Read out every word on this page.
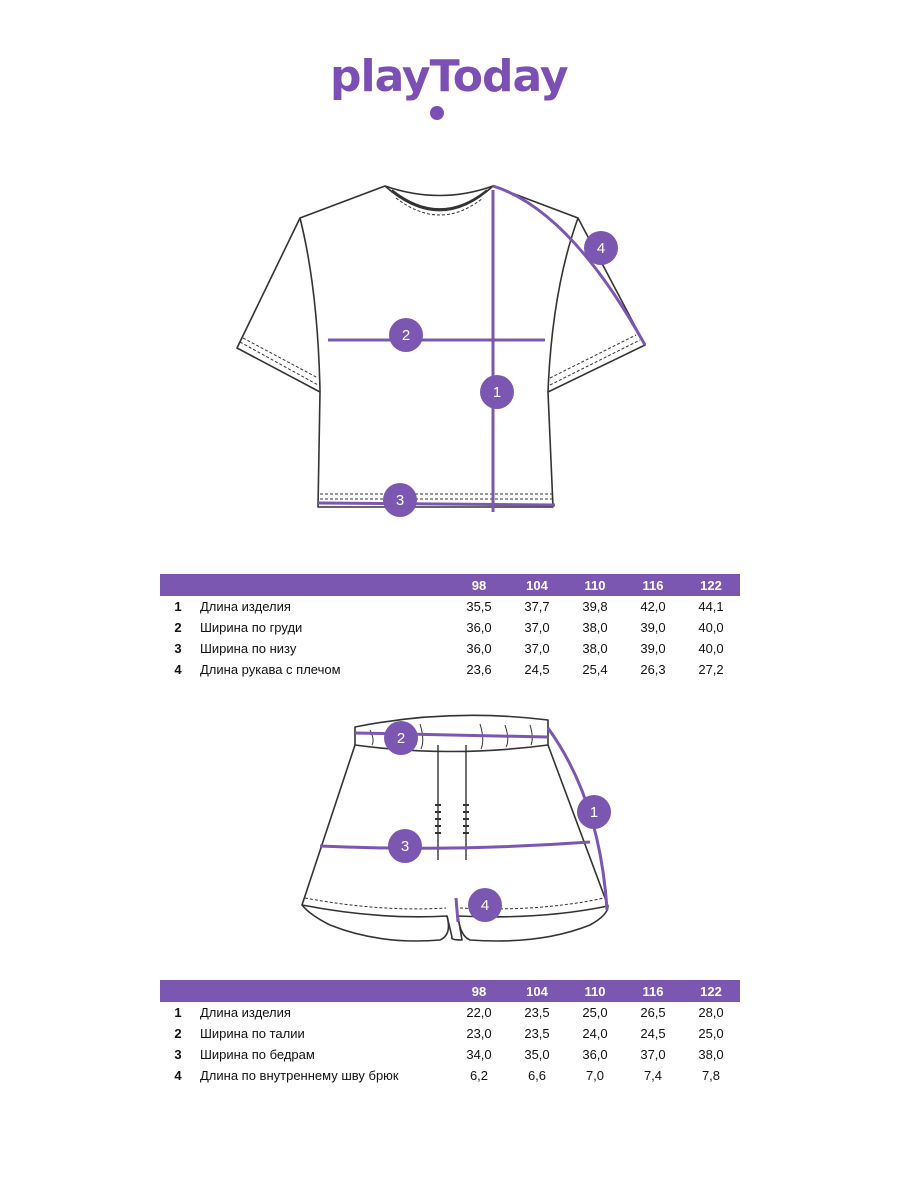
playToday
1
2
3
4
		98	104	110	116	122
1	Длина изделия	35,5	37,7	39,8	42,0	44,1
2	Ширина по груди	36,0	37,0	38,0	39,0	40,0
3	Ширина по низу	36,0	37,0	38,0	39,0	40,0
4	Длина рукава с плечом	23,6	24,5	25,4	26,3	27,2
1
2
3
4
		98	104	110	116	122
1	Длина изделия	22,0	23,5	25,0	26,5	28,0
2	Ширина по талии	23,0	23,5	24,0	24,5	25,0
3	Ширина по бедрам	34,0	35,0	36,0	37,0	38,0
4	Длина по внутреннему шву брюк	6,2	6,6	7,0	7,4	7,8
